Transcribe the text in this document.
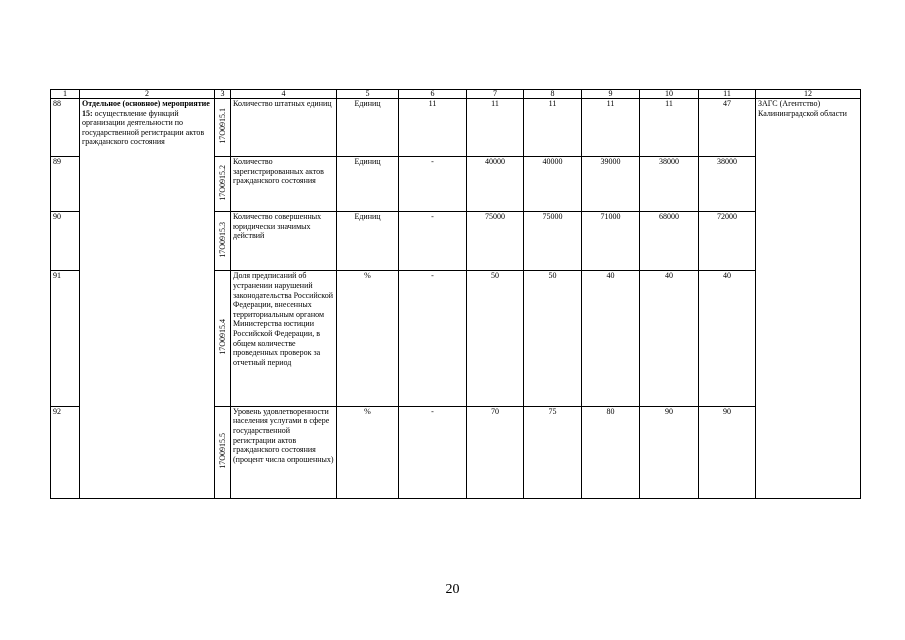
1	2	3	4	5	6	7	8	9	10	11	12
88	Отдельное (основное) мероприятие 15: осуществление функций организации деятельности по государственной регистрации актов гражданского состояния	17О0915.1	Количество штатных единиц	Единиц	11	11	11	11	11	47	ЗАГС (Агентство) Калининградской области
89		17О0915.2	Количество зарегистрированных актов гражданского состояния	Единиц	-	40000	40000	39000	38000	38000	
90		17О0915.3	Количество совершенных юридически значимых действий	Единиц	-	75000	75000	71000	68000	72000	
91		17О0915.4	Доля предписаний об устранении нарушений законодательства Российской Федерации, внесенных территориальным органом Министерства юстиции Российской Федерации, в общем количестве проведенных проверок за отчетный период	%	-	50	50	40	40	40	
92		17О0915.5	Уровень удовлетворенности населения услугами в сфере государственной регистрации актов гражданского состояния (процент числа опрошенных)	%	-	70	75	80	90	90	
20
